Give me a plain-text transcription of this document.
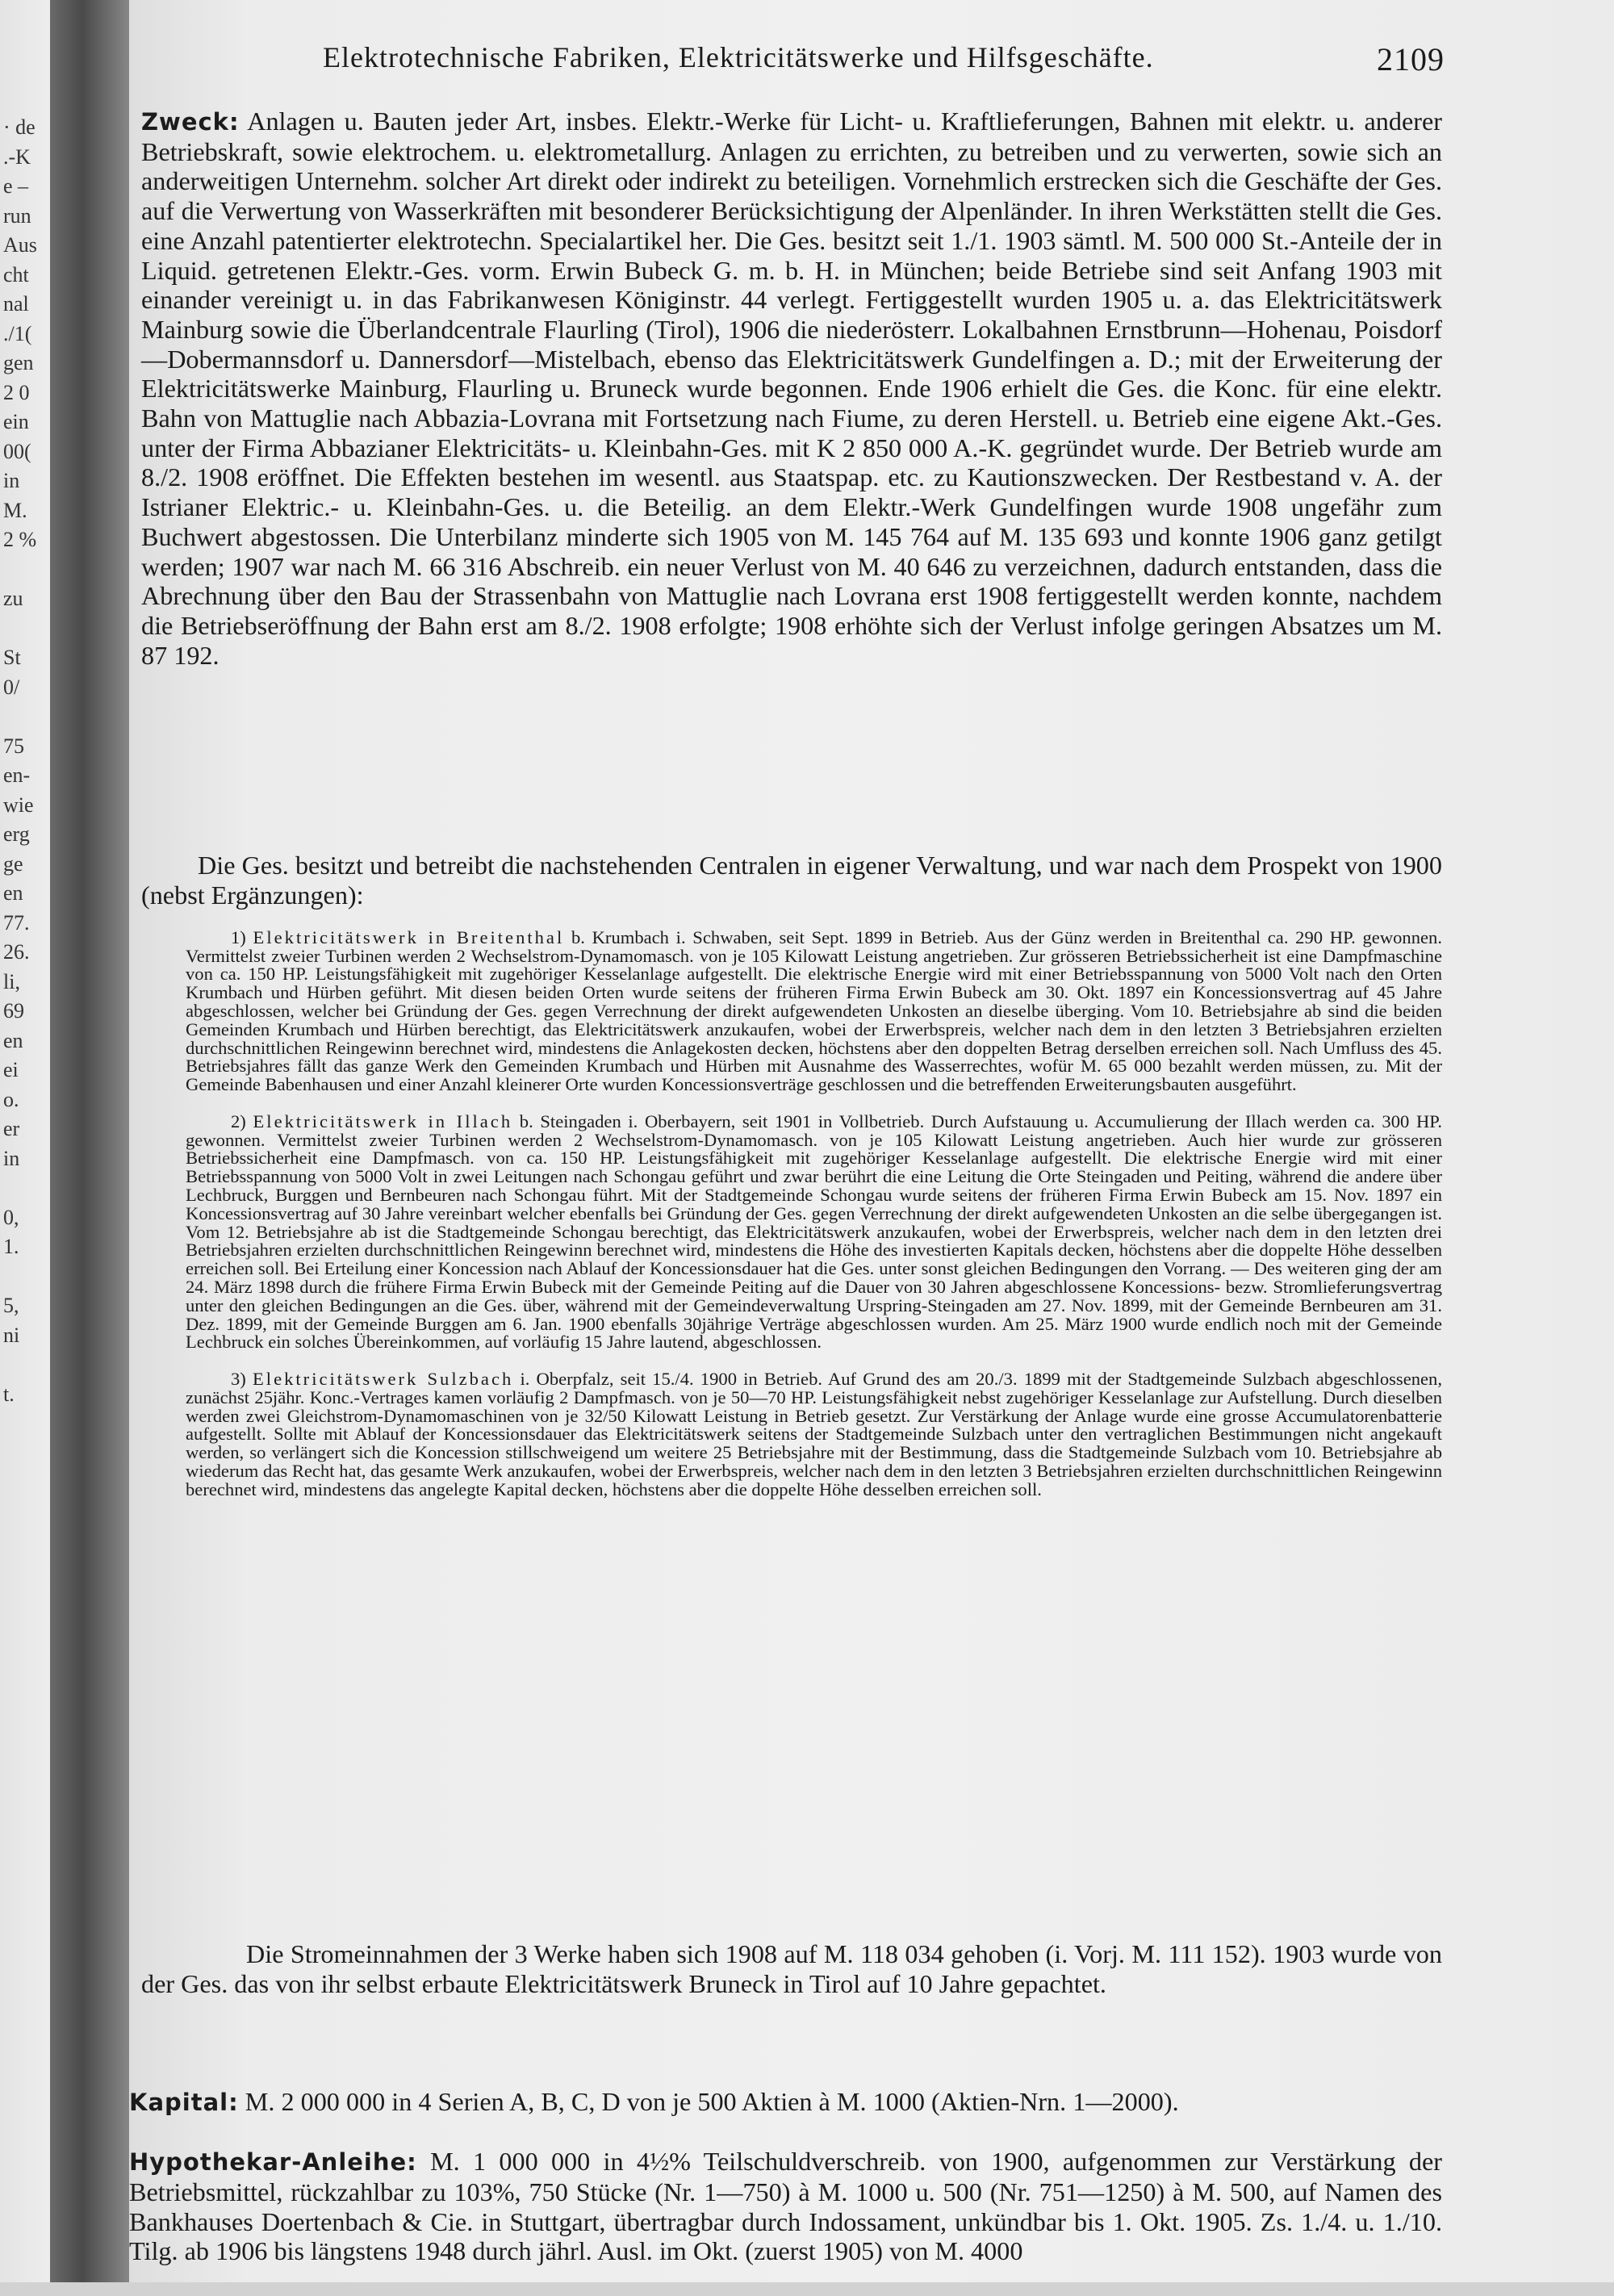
· de
.-K
e –
run
Aus
cht
nal
./1(
gen
2 0
ein
00(
in
M.
2 %

zu

St
0/

75
en-
wie
erg
ge
en
77.
26.
li,
69
en
ei
o.
er
in

0,
1.

5,
ni

t.

Elektrotechnische Fabriken, Elektricitätswerke und Hilfsgeschäfte.	2109
Zweck: Anlagen u. Bauten jeder Art, insbes. Elektr.-Werke für Licht- u. Kraftlieferungen, Bahnen mit elektr. u. anderer Betriebskraft, sowie elektrochem. u. elektrometallurg. Anlagen zu errichten, zu betreiben und zu verwerten, sowie sich an anderweitigen Unternehm. solcher Art direkt oder indirekt zu beteiligen. Vornehmlich erstrecken sich die Geschäfte der Ges. auf die Verwertung von Wasserkräften mit besonderer Berücksichtigung der Alpenländer. In ihren Werkstätten stellt die Ges. eine Anzahl patentierter elektrotechn. Specialartikel her. Die Ges. besitzt seit 1./1. 1903 sämtl. M. 500 000 St.-Anteile der in Liquid. getretenen Elektr.-Ges. vorm. Erwin Bubeck G. m. b. H. in München; beide Betriebe sind seit Anfang 1903 mit einander vereinigt u. in das Fabrikanwesen Königinstr. 44 verlegt. Fertiggestellt wurden 1905 u. a. das Elektricitätswerk Mainburg sowie die Überlandcentrale Flaurling (Tirol), 1906 die niederösterr. Lokalbahnen Ernstbrunn—Hohenau, Poisdorf—Dobermannsdorf u. Dannersdorf—Mistelbach, ebenso das Elektricitätswerk Gundelfingen a. D.; mit der Erweiterung der Elektricitätswerke Mainburg, Flaurling u. Bruneck wurde begonnen. Ende 1906 erhielt die Ges. die Konc. für eine elektr. Bahn von Mattuglie nach Abbazia-Lovrana mit Fortsetzung nach Fiume, zu deren Herstell. u. Betrieb eine eigene Akt.-Ges. unter der Firma Abbazianer Elektricitäts- u. Kleinbahn-Ges. mit K 2 850 000 A.-K. gegründet wurde. Der Betrieb wurde am 8./2. 1908 eröffnet. Die Effekten bestehen im wesentl. aus Staatspap. etc. zu Kautionszwecken. Der Restbestand v. A. der Istrianer Elektric.- u. Kleinbahn-Ges. u. die Beteilig. an dem Elektr.-Werk Gundelfingen wurde 1908 ungefähr zum Buchwert abgestossen. Die Unterbilanz minderte sich 1905 von M. 145 764 auf M. 135 693 und konnte 1906 ganz getilgt werden; 1907 war nach M. 66 316 Abschreib. ein neuer Verlust von M. 40 646 zu verzeichnen, dadurch entstanden, dass die Abrechnung über den Bau der Strassenbahn von Mattuglie nach Lovrana erst 1908 fertiggestellt werden konnte, nachdem die Betriebseröffnung der Bahn erst am 8./2. 1908 erfolgte; 1908 erhöhte sich der Verlust infolge geringen Absatzes um M. 87 192.
Die Ges. besitzt und betreibt die nachstehenden Centralen in eigener Verwaltung, und war nach dem Prospekt von 1900 (nebst Ergänzungen):

1) Elektricitätswerk in Breitenthal b. Krumbach i. Schwaben, seit Sept. 1899 in Betrieb. Aus der Günz werden in Breitenthal ca. 290 HP. gewonnen. Vermittelst zweier Turbinen werden 2 Wechselstrom-Dynamomasch. von je 105 Kilowatt Leistung angetrieben. Zur grösseren Betriebssicherheit ist eine Dampfmaschine von ca. 150 HP. Leistungsfähigkeit mit zugehöriger Kesselanlage aufgestellt. Die elektrische Energie wird mit einer Betriebsspannung von 5000 Volt nach den Orten Krumbach und Hürben geführt. Mit diesen beiden Orten wurde seitens der früheren Firma Erwin Bubeck am 30. Okt. 1897 ein Koncessionsvertrag auf 45 Jahre abgeschlossen, welcher bei Gründung der Ges. gegen Verrechnung der direkt aufgewendeten Unkosten an dieselbe überging. Vom 10. Betriebsjahre ab sind die beiden Gemeinden Krumbach und Hürben berechtigt, das Elektricitätswerk anzukaufen, wobei der Erwerbspreis, welcher nach dem in den letzten 3 Betriebsjahren erzielten durchschnittlichen Reingewinn berechnet wird, mindestens die Anlagekosten decken, höchstens aber den doppelten Betrag derselben erreichen soll. Nach Umfluss des 45. Betriebsjahres fällt das ganze Werk den Gemeinden Krumbach und Hürben mit Ausnahme des Wasserrechtes, wofür M. 65 000 bezahlt werden müssen, zu. Mit der Gemeinde Babenhausen und einer Anzahl kleinerer Orte wurden Koncessionsverträge geschlossen und die betreffenden Erweiterungsbauten ausgeführt.

2) Elektricitätswerk in Illach b. Steingaden i. Oberbayern, seit 1901 in Vollbetrieb. Durch Aufstauung u. Accumulierung der Illach werden ca. 300 HP. gewonnen. Vermittelst zweier Turbinen werden 2 Wechselstrom-Dynamomasch. von je 105 Kilowatt Leistung angetrieben. Auch hier wurde zur grösseren Betriebssicherheit eine Dampfmasch. von ca. 150 HP. Leistungsfähigkeit mit zugehöriger Kesselanlage aufgestellt. Die elektrische Energie wird mit einer Betriebsspannung von 5000 Volt in zwei Leitungen nach Schongau geführt und zwar berührt die eine Leitung die Orte Steingaden und Peiting, während die andere über Lechbruck, Burggen und Bernbeuren nach Schongau führt. Mit der Stadtgemeinde Schongau wurde seitens der früheren Firma Erwin Bubeck am 15. Nov. 1897 ein Koncessionsvertrag auf 30 Jahre vereinbart welcher ebenfalls bei Gründung der Ges. gegen Verrechnung der direkt aufgewendeten Unkosten an die selbe übergegangen ist. Vom 12. Betriebsjahre ab ist die Stadtgemeinde Schongau berechtigt, das Elektricitätswerk anzukaufen, wobei der Erwerbspreis, welcher nach dem in den letzten drei Betriebsjahren erzielten durchschnittlichen Reingewinn berechnet wird, mindestens die Höhe des investierten Kapitals decken, höchstens aber die doppelte Höhe desselben erreichen soll. Bei Erteilung einer Koncession nach Ablauf der Koncessionsdauer hat die Ges. unter sonst gleichen Bedingungen den Vorrang. — Des weiteren ging der am 24. März 1898 durch die frühere Firma Erwin Bubeck mit der Gemeinde Peiting auf die Dauer von 30 Jahren abgeschlossene Koncessions- bezw. Stromlieferungsvertrag unter den gleichen Bedingungen an die Ges. über, während mit der Gemeindeverwaltung Urspring-Steingaden am 27. Nov. 1899, mit der Gemeinde Bernbeuren am 31. Dez. 1899, mit der Gemeinde Burggen am 6. Jan. 1900 ebenfalls 30jährige Verträge abgeschlossen wurden. Am 25. März 1900 wurde endlich noch mit der Gemeinde Lechbruck ein solches Übereinkommen, auf vorläufig 15 Jahre lautend, abgeschlossen.

3) Elektricitätswerk Sulzbach i. Oberpfalz, seit 15./4. 1900 in Betrieb. Auf Grund des am 20./3. 1899 mit der Stadtgemeinde Sulzbach abgeschlossenen, zunächst 25jähr. Konc.-Vertrages kamen vorläufig 2 Dampfmasch. von je 50—70 HP. Leistungsfähigkeit nebst zugehöriger Kesselanlage zur Aufstellung. Durch dieselben werden zwei Gleichstrom-Dynamomaschinen von je 32/50 Kilowatt Leistung in Betrieb gesetzt. Zur Verstärkung der Anlage wurde eine grosse Accumulatorenbatterie aufgestellt. Sollte mit Ablauf der Koncessionsdauer das Elektricitätswerk seitens der Stadtgemeinde Sulzbach unter den vertraglichen Bestimmungen nicht angekauft werden, so verlängert sich die Koncession stillschweigend um weitere 25 Betriebsjahre mit der Bestimmung, dass die Stadtgemeinde Sulzbach vom 10. Betriebsjahre ab wiederum das Recht hat, das gesamte Werk anzukaufen, wobei der Erwerbspreis, welcher nach dem in den letzten 3 Betriebsjahren erzielten durchschnittlichen Reingewinn berechnet wird, mindestens das angelegte Kapital decken, höchstens aber die doppelte Höhe desselben erreichen soll.

Die Stromeinnahmen der 3 Werke haben sich 1908 auf M. 118 034 gehoben (i. Vorj. M. 111 152). 1903 wurde von der Ges. das von ihr selbst erbaute Elektricitätswerk Bruneck in Tirol auf 10 Jahre gepachtet.

Kapital: M. 2 000 000 in 4 Serien A, B, C, D von je 500 Aktien à M. 1000 (Aktien-Nrn. 1—2000).

Hypothekar-Anleihe: M. 1 000 000 in 4½% Teilschuldverschreib. von 1900, aufgenommen zur Verstärkung der Betriebsmittel, rückzahlbar zu 103%, 750 Stücke (Nr. 1—750) à M. 1000 u. 500 (Nr. 751—1250) à M. 500, auf Namen des Bankhauses Doertenbach & Cie. in Stuttgart, übertragbar durch Indossament, unkündbar bis 1. Okt. 1905. Zs. 1./4. u. 1./10. Tilg. ab 1906 bis längstens 1948 durch jährl. Ausl. im Okt. (zuerst 1905) von M. 4000
